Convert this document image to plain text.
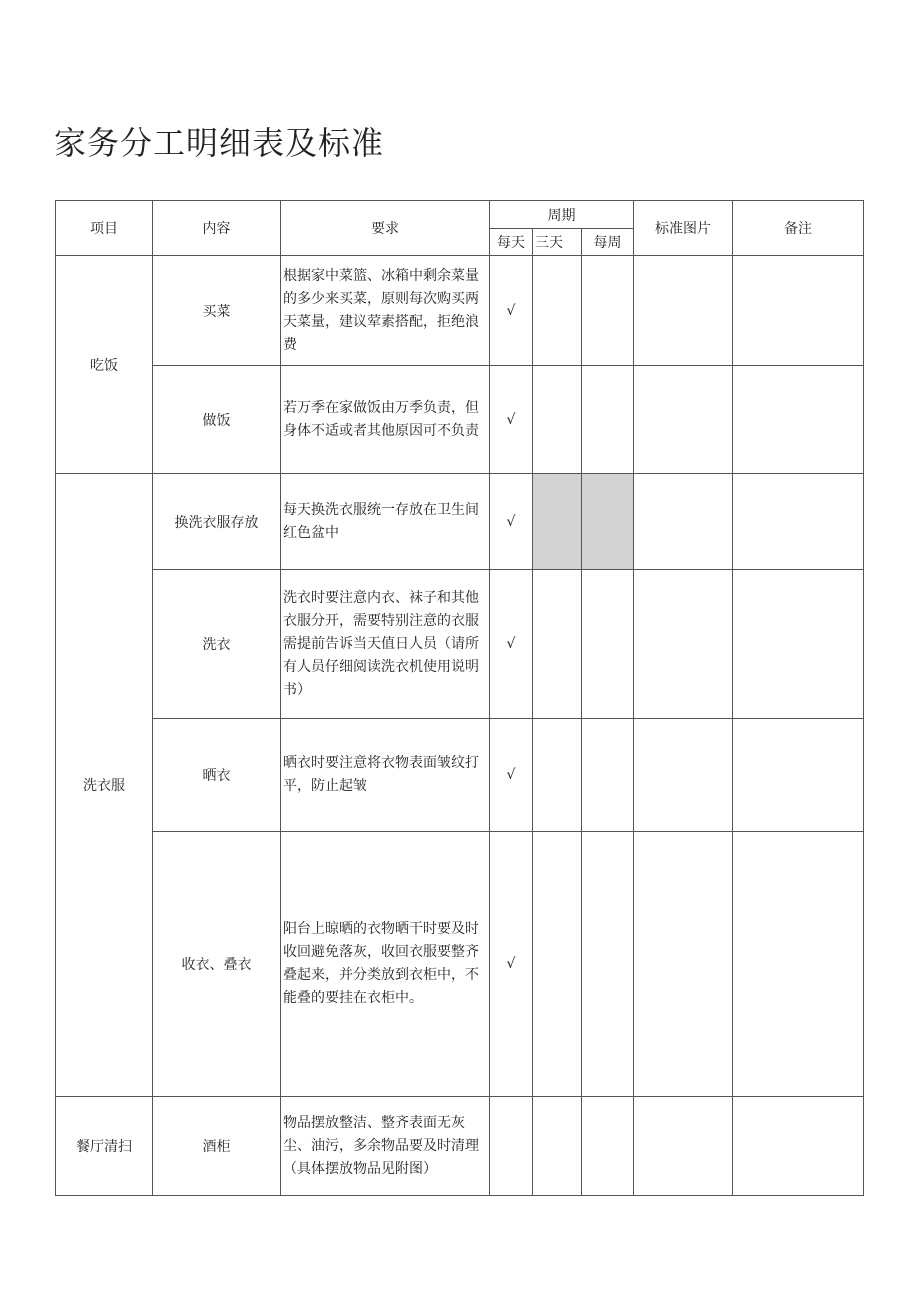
家务分工明细表及标准
项目	内容	要求	周期			标准图片	备注
			每天	三天	每周		
吃饭	买菜	根据家中菜篮、冰箱中剩余菜量的多少来买菜，原则每次购买两天菜量，建议荤素搭配，拒绝浪费	√				
	做饭	若万季在家做饭由万季负责，但身体不适或者其他原因可不负责	√				
洗衣服	换洗衣服存放	每天换洗衣服统一存放在卫生间红色盆中	√				
	洗衣	洗衣时要注意内衣、袜子和其他衣服分开，需要特别注意的衣服需提前告诉当天值日人员（请所有人员仔细阅读洗衣机使用说明书）	√				
	晒衣	晒衣时要注意将衣物表面皱纹打平，防止起皱	√				
	收衣、叠衣	阳台上晾晒的衣物晒干时要及时收回避免落灰，收回衣服要整齐叠起来，并分类放到衣柜中，不能叠的要挂在衣柜中。	√				
餐厅清扫	酒柜	物品摆放整洁、整齐表面无灰尘、油污，多余物品要及时清理（具体摆放物品见附图）					
